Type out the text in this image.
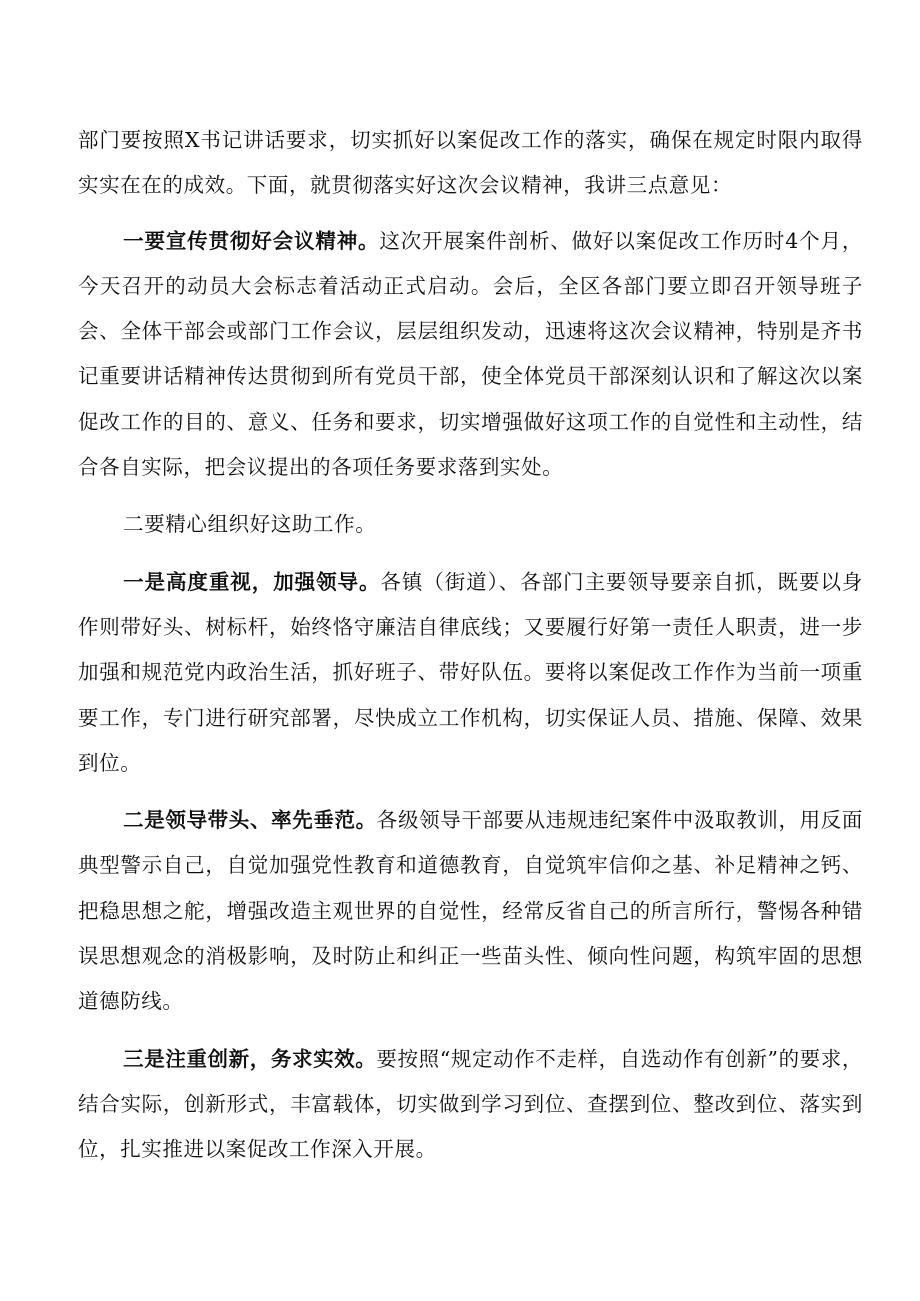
部门要按照X书记讲话要求，切实抓好以案促改工作的落实，确保在规定时限内取得实实在在的成效。下面，就贯彻落实好这次会议精神，我讲三点意见：

一要宣传贯彻好会议精神。这次开展案件剖析、做好以案促改工作历时4个月，今天召开的动员大会标志着活动正式启动。会后，全区各部门要立即召开领导班子会、全体干部会或部门工作会议，层层组织发动，迅速将这次会议精神，特别是齐书记重要讲话精神传达贯彻到所有党员干部，使全体党员干部深刻认识和了解这次以案促改工作的目的、意义、任务和要求，切实增强做好这项工作的自觉性和主动性，结合各自实际，把会议提出的各项任务要求落到实处。

二要精心组织好这助工作。

一是高度重视，加强领导。各镇（街道）、各部门主要领导要亲自抓，既要以身作则带好头、树标杆，始终恪守廉洁自律底线；又要履行好第一责任人职责，进一步加强和规范党内政治生活，抓好班子、带好队伍。要将以案促改工作作为当前一项重要工作，专门进行研究部署，尽快成立工作机构，切实保证人员、措施、保障、效果到位。

二是领导带头、率先垂范。各级领导干部要从违规违纪案件中汲取教训，用反面典型警示自己，自觉加强党性教育和道德教育，自觉筑牢信仰之基、补足精神之钙、把稳思想之舵，增强改造主观世界的自觉性，经常反省自己的所言所行，警惕各种错误思想观念的消极影响，及时防止和纠正一些苗头性、倾向性问题，构筑牢固的思想道德防线。

三是注重创新，务求实效。要按照“规定动作不走样，自选动作有创新”的要求，结合实际，创新形式，丰富载体，切实做到学习到位、查摆到位、整改到位、落实到位，扎实推进以案促改工作深入开展。
